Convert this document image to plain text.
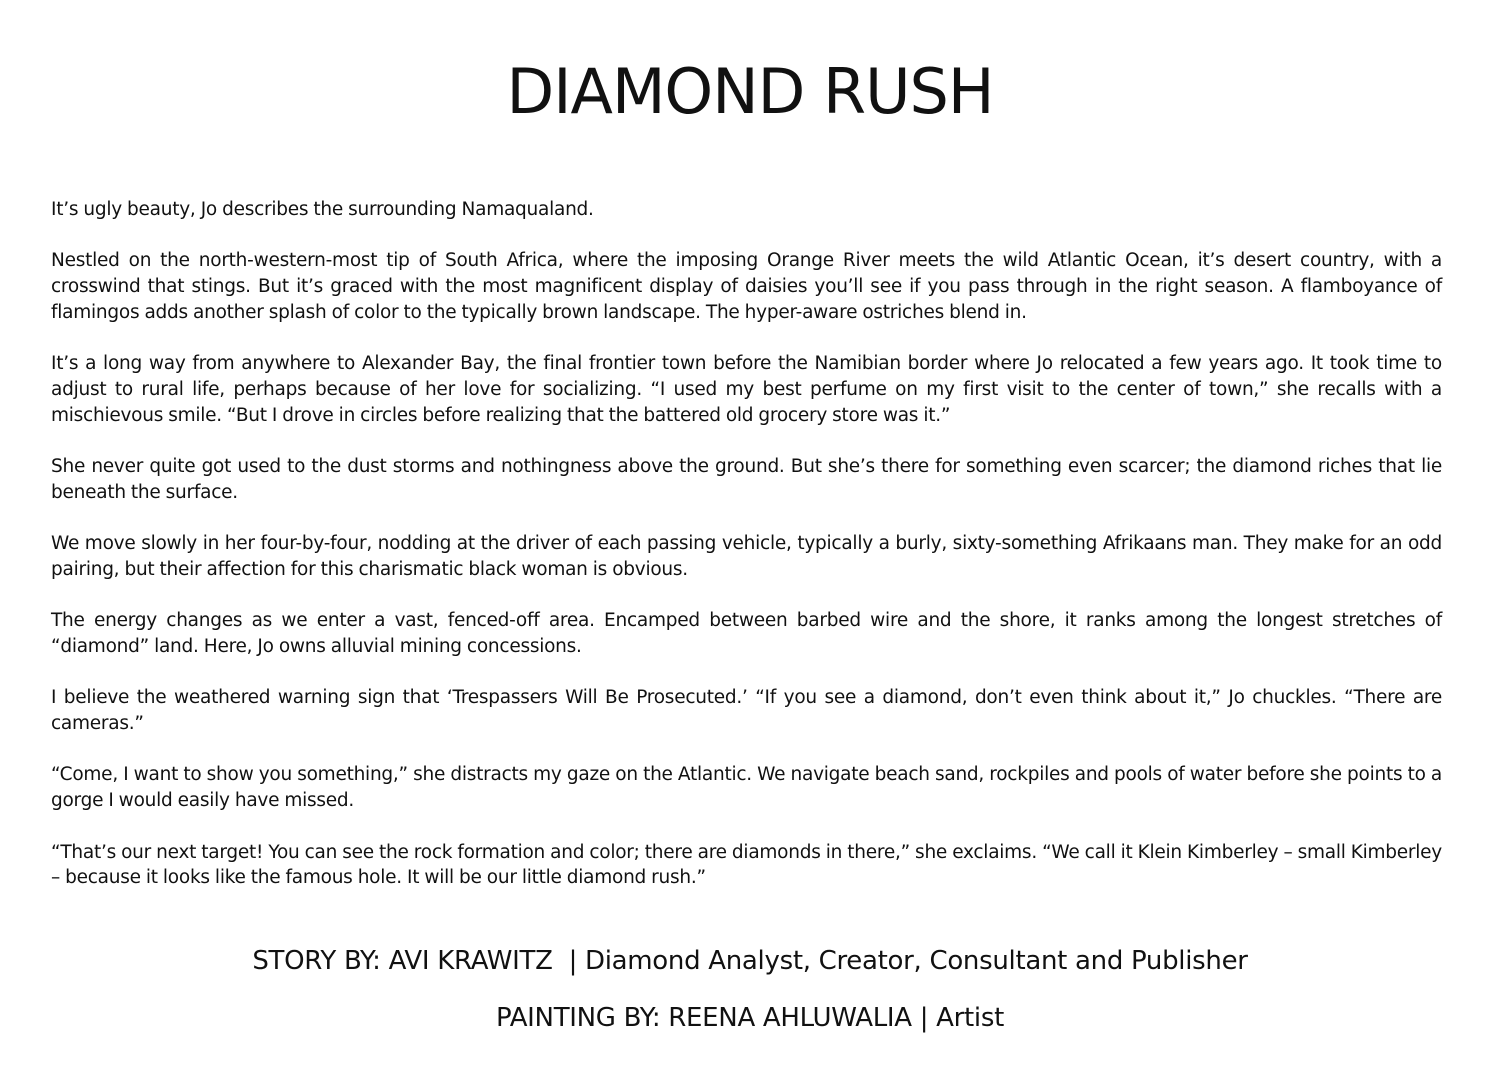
DIAMOND RUSH

It’s ugly beauty, Jo describes the surrounding Namaqualand.

Nestled on the north-western-most tip of South Africa, where the imposing Orange River meets the wild Atlantic Ocean, it’s desert country, with a crosswind that stings. But it’s graced with the most magnificent display of daisies you’ll see if you pass through in the right season. A flamboyance of flamingos adds another splash of color to the typically brown landscape. The hyper-aware ostriches blend in.

It’s a long way from anywhere to Alexander Bay, the final frontier town before the Namibian border where Jo relocated a few years ago. It took time to adjust to rural life, perhaps because of her love for socializing. “I used my best perfume on my first visit to the center of town,” she recalls with a mischievous smile. “But I drove in circles before realizing that the battered old grocery store was it.”

She never quite got used to the dust storms and nothingness above the ground. But she’s there for something even scarcer; the diamond riches that lie beneath the surface.

We move slowly in her four-by-four, nodding at the driver of each passing vehicle, typically a burly, sixty-something Afrikaans man. They make for an odd pairing, but their affection for this charismatic black woman is obvious.

The energy changes as we enter a vast, fenced-off area. Encamped between barbed wire and the shore, it ranks among the longest stretches of “diamond” land. Here, Jo owns alluvial mining concessions.

I believe the weathered warning sign that ‘Trespassers Will Be Prosecuted.’ “If you see a diamond, don’t even think about it,” Jo chuckles. “There are cameras.”

“Come, I want to show you something,” she distracts my gaze on the Atlantic. We navigate beach sand, rockpiles and pools of water before she points to a gorge I would easily have missed.

“That’s our next target! You can see the rock formation and color; there are diamonds in there,” she exclaims. “We call it Klein Kimberley – small Kimberley – because it looks like the famous hole. It will be our little diamond rush.”

STORY BY: AVI KRAWITZ  | Diamond Analyst, Creator, Consultant and Publisher
PAINTING BY: REENA AHLUWALIA | Artist
